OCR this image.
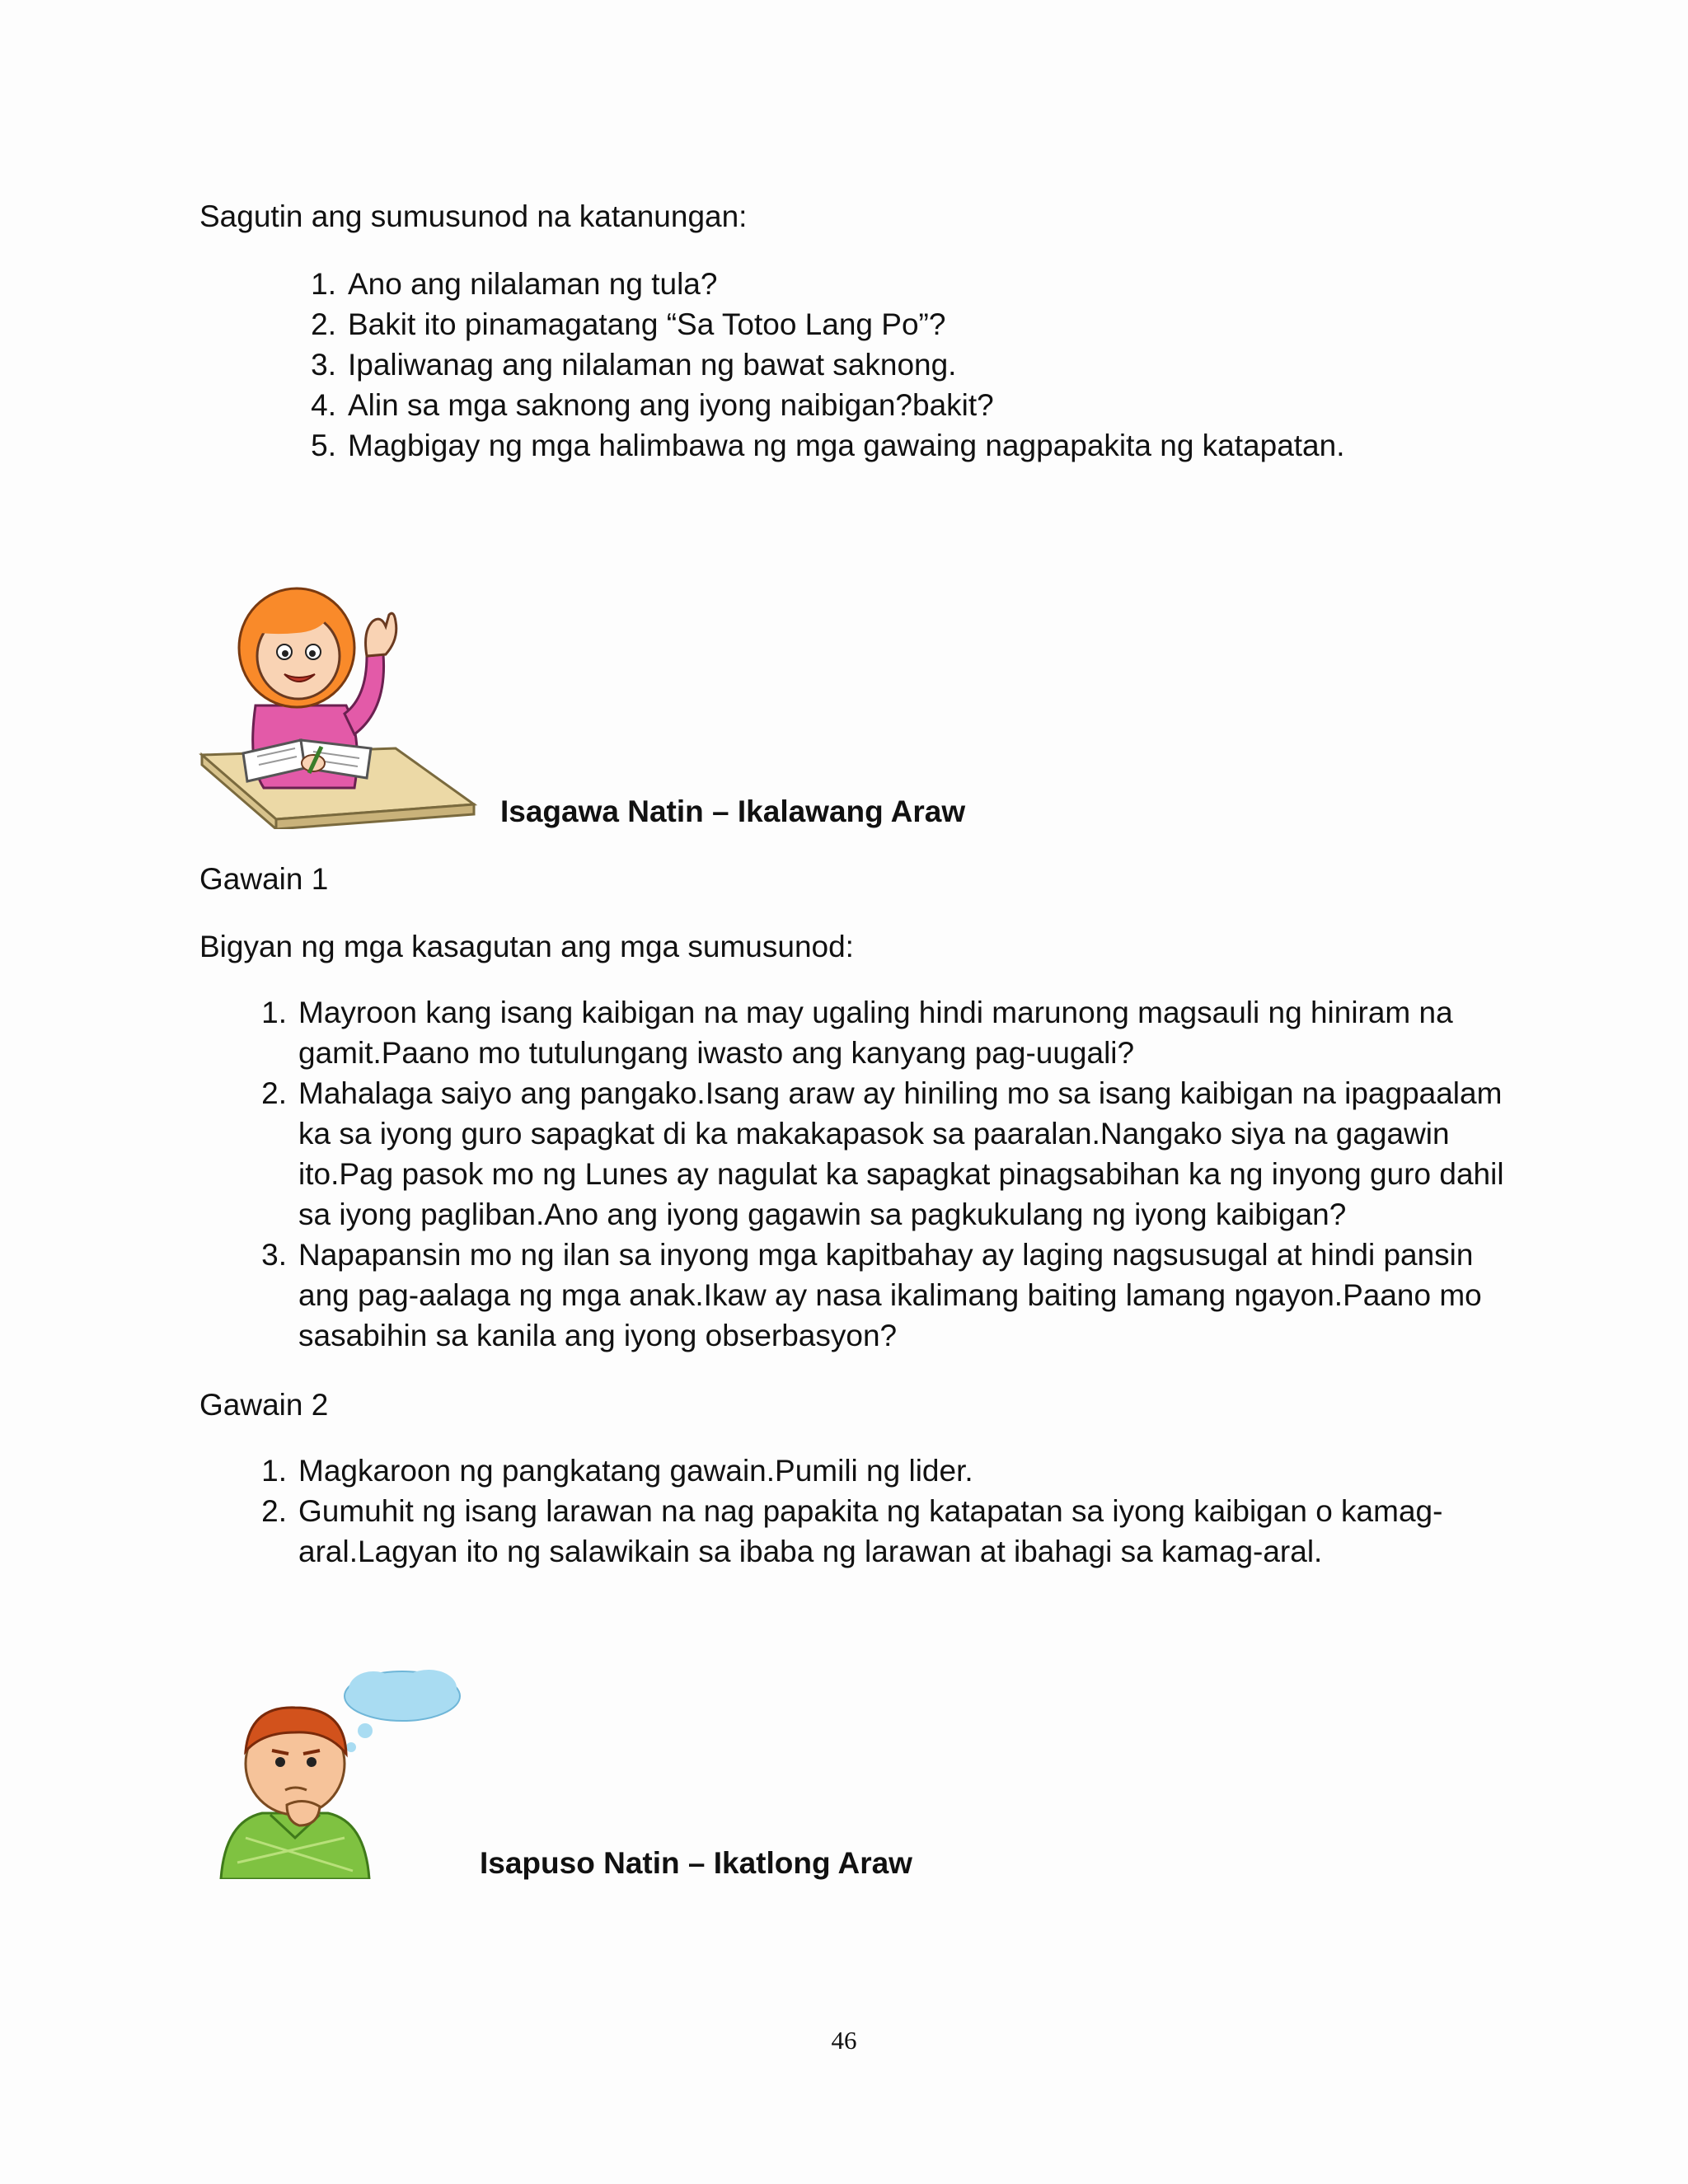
Sagutin ang sumusunod na katanungan:

1. Ano ang nilalaman ng tula?
2. Bakit ito pinamagatang “Sa Totoo Lang Po”?
3. Ipaliwanag ang nilalaman ng bawat saknong.
4. Alin sa mga saknong ang iyong naibigan?bakit?
5. Magbigay ng mga halimbawa ng mga gawaing nagpapakita ng katapatan.

Isagawa Natin – Ikalawang Araw

Gawain 1

Bigyan ng mga kasagutan ang mga sumusunod:

1. Mayroon kang isang kaibigan na may ugaling hindi marunong magsauli ng hiniram na gamit.Paano mo tutulungang iwasto ang kanyang pag-uugali?
2. Mahalaga saiyo ang pangako.Isang araw ay hiniling mo sa isang kaibigan na ipagpaalam ka sa iyong guro sapagkat di ka makakapasok sa paaralan.Nangako siya na gagawin ito.Pag pasok mo ng Lunes ay nagulat ka sapagkat pinagsabihan ka ng inyong guro dahil sa iyong pagliban.Ano ang iyong gagawin sa pagkukulang ng iyong kaibigan?
3. Napapansin mo ng ilan sa inyong mga kapitbahay ay laging nagsusugal at hindi pansin ang pag-aalaga ng mga anak.Ikaw ay nasa ikalimang baiting lamang ngayon.Paano mo sasabihin sa kanila ang iyong obserbasyon?

Gawain 2

1. Magkaroon ng pangkatang gawain.Pumili ng lider.
2. Gumuhit ng isang larawan na nag papakita ng katapatan sa iyong kaibigan o kamag-aral.Lagyan ito ng salawikain sa ibaba ng larawan at ibahagi sa kamag-aral.

Isapuso Natin – Ikatlong Araw

46
